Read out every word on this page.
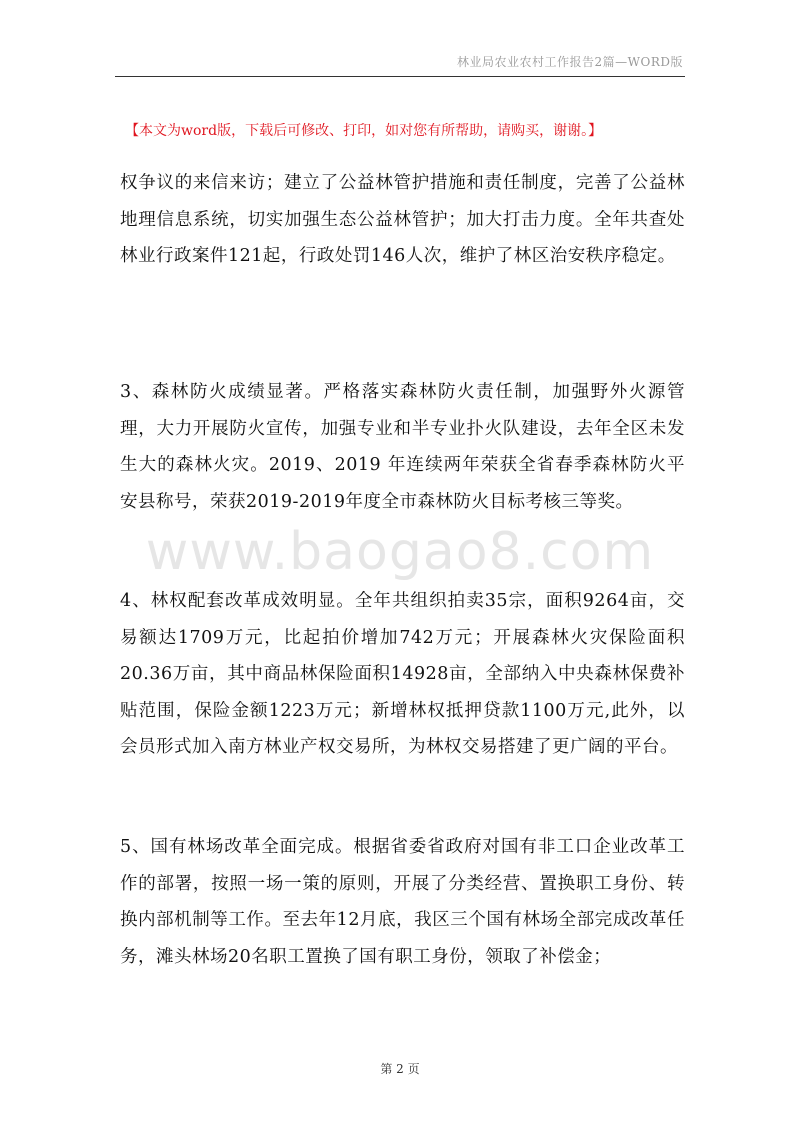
林业局农业农村工作报告2篇—WORD版
【本文为word版，下载后可修改、打印，如对您有所帮助，请购买，谢谢。】

权争议的来信来访；建立了公益林管护措施和责任制度，完善了公益林地理信息系统，切实加强生态公益林管护；加大打击力度。全年共查处林业行政案件121起，行政处罚146人次，维护了林区治安秩序稳定。

3、森林防火成绩显著。严格落实森林防火责任制，加强野外火源管理，大力开展防火宣传，加强专业和半专业扑火队建设，去年全区未发生大的森林火灾。2019、2019 年连续两年荣获全省春季森林防火平安县称号，荣获2019-2019年度全市森林防火目标考核三等奖。

www.baogao8.com

4、林权配套改革成效明显。全年共组织拍卖35宗，面积9264亩，交易额达1709万元，比起拍价增加742万元；开展森林火灾保险面积20.36万亩，其中商品林保险面积14928亩，全部纳入中央森林保费补贴范围，保险金额1223万元；新增林权抵押贷款1100万元,此外，以会员形式加入南方林业产权交易所，为林权交易搭建了更广阔的平台。

5、国有林场改革全面完成。根据省委省政府对国有非工口企业改革工作的部署，按照一场一策的原则，开展了分类经营、置换职工身份、转换内部机制等工作。至去年12月底，我区三个国有林场全部完成改革任务，滩头林场20名职工置换了国有职工身份，领取了补偿金；

第 2 页
